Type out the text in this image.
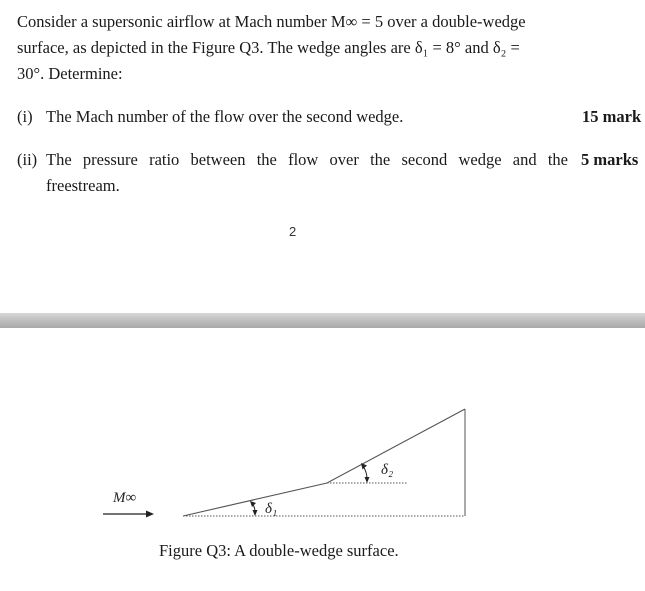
Consider a supersonic airflow at Mach number M∞ = 5 over a double-wedge
surface, as depicted in the Figure Q3. The wedge angles are δ₁ = 8° and δ₂ =
30°. Determine:
(i) The Mach number of the flow over the second wedge.	15 mark
(ii) The pressure ratio between the flow over the second wedge and the 5 marks
freestream.
2
M∞
δ₁
δ₂
Figure Q3: A double-wedge surface.
